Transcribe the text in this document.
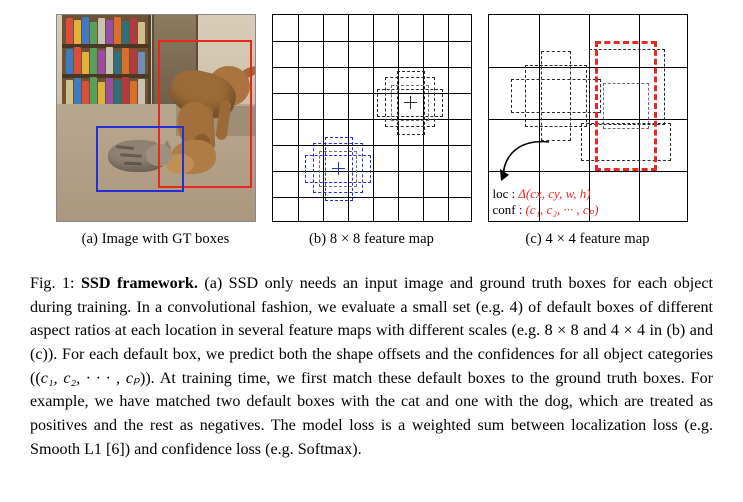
(a) Image with GT boxes	(b) 8 × 8 feature map
loc : Δ(cx, cy, w, h)
conf : (c₁, c₂, ··· , cₚ)
(c) 4 × 4 feature map
Fig. 1: SSD framework. (a) SSD only needs an input image and ground truth boxes for each object during training. In a convolutional fashion, we evaluate a small set (e.g. 4) of default boxes of different aspect ratios at each location in several feature maps with different scales (e.g. 8 × 8 and 4 × 4 in (b) and (c)). For each default box, we predict both the shape offsets and the confidences for all object categories ((c₁, c₂, · · · , cₚ)). At training time, we first match these default boxes to the ground truth boxes. For example, we have matched two default boxes with the cat and one with the dog, which are treated as positives and the rest as negatives. The model loss is a weighted sum between localization loss (e.g. Smooth L1 [6]) and confidence loss (e.g. Softmax).
